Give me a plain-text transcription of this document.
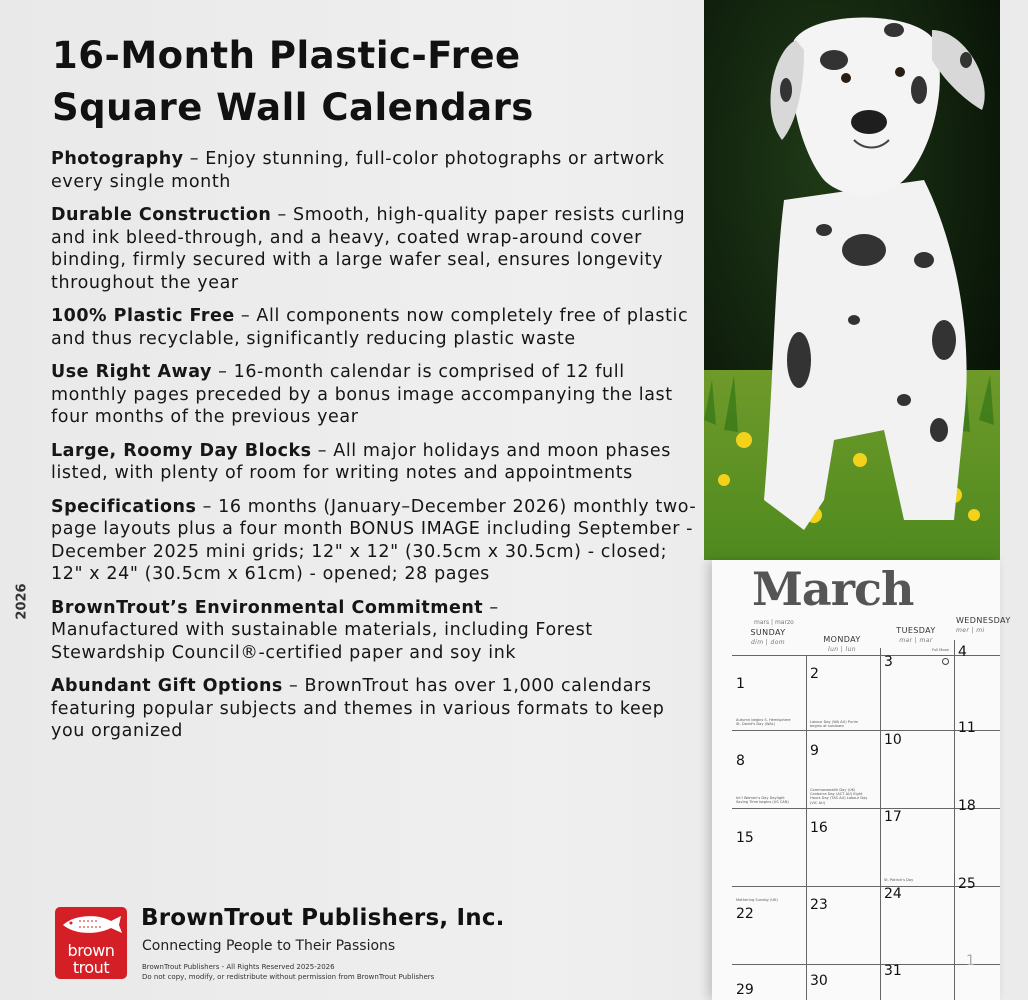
16-Month Plastic-Free
Square Wall Calendars

Photography – Enjoy stunning, full-color photographs or artwork every single month

Durable Construction – Smooth, high-quality paper resists curling and ink bleed-through, and a heavy, coated wrap-around cover binding, firmly secured with a large wafer seal, ensures longevity throughout the year

100% Plastic Free – All components now completely free of plastic and thus recyclable, significantly reducing plastic waste

Use Right Away – 16-month calendar is comprised of 12 full monthly pages preceded by a bonus image accompanying the last four months of the previous year

Large, Roomy Day Blocks – All major holidays and moon phases listed, with plenty of room for writing notes and appointments

Specifications – 16 months (January–December 2026) monthly two-page layouts plus a four month BONUS IMAGE including September - December 2025 mini grids; 12" x 12" (30.5cm x 30.5cm) - closed; 12" x 24" (30.5cm x 61cm) - opened; 28 pages

BrownTrout’s Environmental Commitment – Manufactured with sustainable materials, including Forest Stewardship Council®-certified paper and soy ink

Abundant Gift Options – BrownTrout has over 1,000 calendars featuring popular subjects and themes in various formats to keep you organized

brown
trout
BrownTrout Publishers, Inc.
Connecting People to Their Passions
BrownTrout Publishers - All Rights Reserved 2025-2026
Do not copy, modify, or redistribute without permission from BrownTrout Publishers
March
mars | marzo
SUNDAY
dim | dom	MONDAY
lun | lun
TUESDAY
mar | mar
WEDNESDAY
mer | mi
1
2
3
4
8
9
10
11
15
16
17
18
22
23
24
25
29
30
31
1
Autumn begins S. Hemisphere St. David's Day (WAL)
Labour Day (WA AU) Purim begins at sundown
Int'l Women's Day Daylight Saving Time begins (US CAN)
Commonwealth Day (UK) Canberra Day (ACT AU) Eight Hours Day (TAS AU) Labour Day (VIC AU)
St. Patrick's Day
Mothering Sunday (UK)
Full Moon
2026
